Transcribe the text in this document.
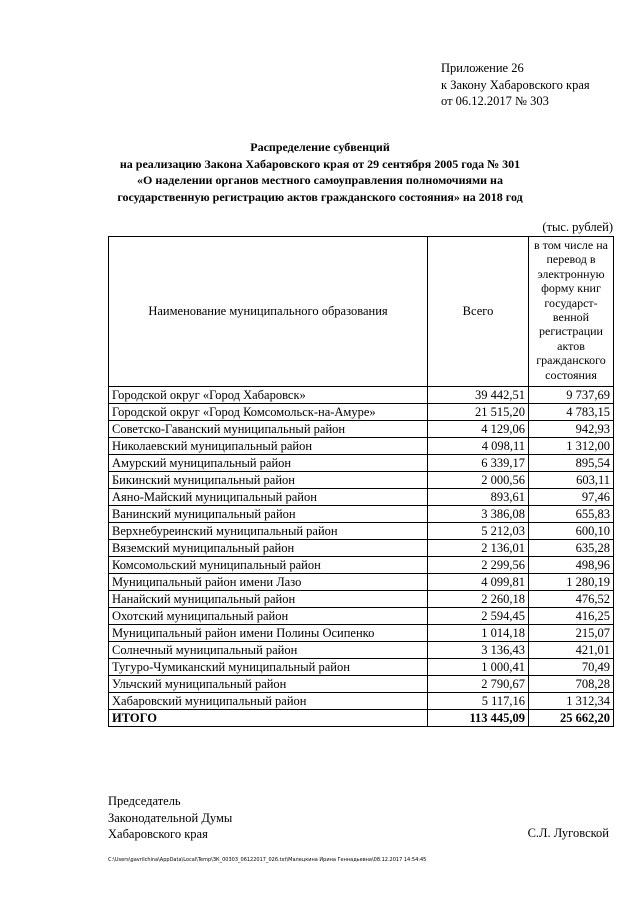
Приложение 26
к Закону Хабаровского края
от 06.12.2017 № 303
Распределение субвенций
на реализацию Закона Хабаровского края от 29 сентября 2005 года № 301
«О наделении органов местного самоуправления полномочиями на
государственную регистрацию актов гражданского состояния» на 2018 год
(тыс. рублей)
Наименование муниципального образования	Всего	в том числе на перевод в электронную форму книг государст-венной регистрации актов гражданского состояния
Городской округ «Город Хабаровск»	39 442,51	9 737,69
Городской округ «Город Комсомольск-на-Амуре»	21 515,20	4 783,15
Советско-Гаванский муниципальный район	4 129,06	942,93
Николаевский муниципальный район	4 098,11	1 312,00
Амурский муниципальный район	6 339,17	895,54
Бикинский муниципальный район	2 000,56	603,11
Аяно-Майский муниципальный район	893,61	97,46
Ванинский муниципальный район	3 386,08	655,83
Верхнебуреинский муниципальный район	5 212,03	600,10
Вяземский муниципальный район	2 136,01	635,28
Комсомольский муниципальный район	2 299,56	498,96
Муниципальный район имени Лазо	4 099,81	1 280,19
Нанайский муниципальный район	2 260,18	476,52
Охотский муниципальный район	2 594,45	416,25
Муниципальный район имени Полины Осипенко	1 014,18	215,07
Солнечный муниципальный район	3 136,43	421,01
Тугуро-Чумиканский муниципальный район	1 000,41	70,49
Ульчский муниципальный район	2 790,67	708,28
Хабаровский муниципальный район	5 117,16	1 312,34
ИТОГО	113 445,09	25 662,20
Председатель
Законодательной Думы
Хабаровского края	С.Л. Луговской
C:\Users\gavrilchina\AppData\Local\Temp\ЗК_00303_06122017_026.txt\Малецкина Ирина Геннадьевна\08.12.2017 14:54:45
